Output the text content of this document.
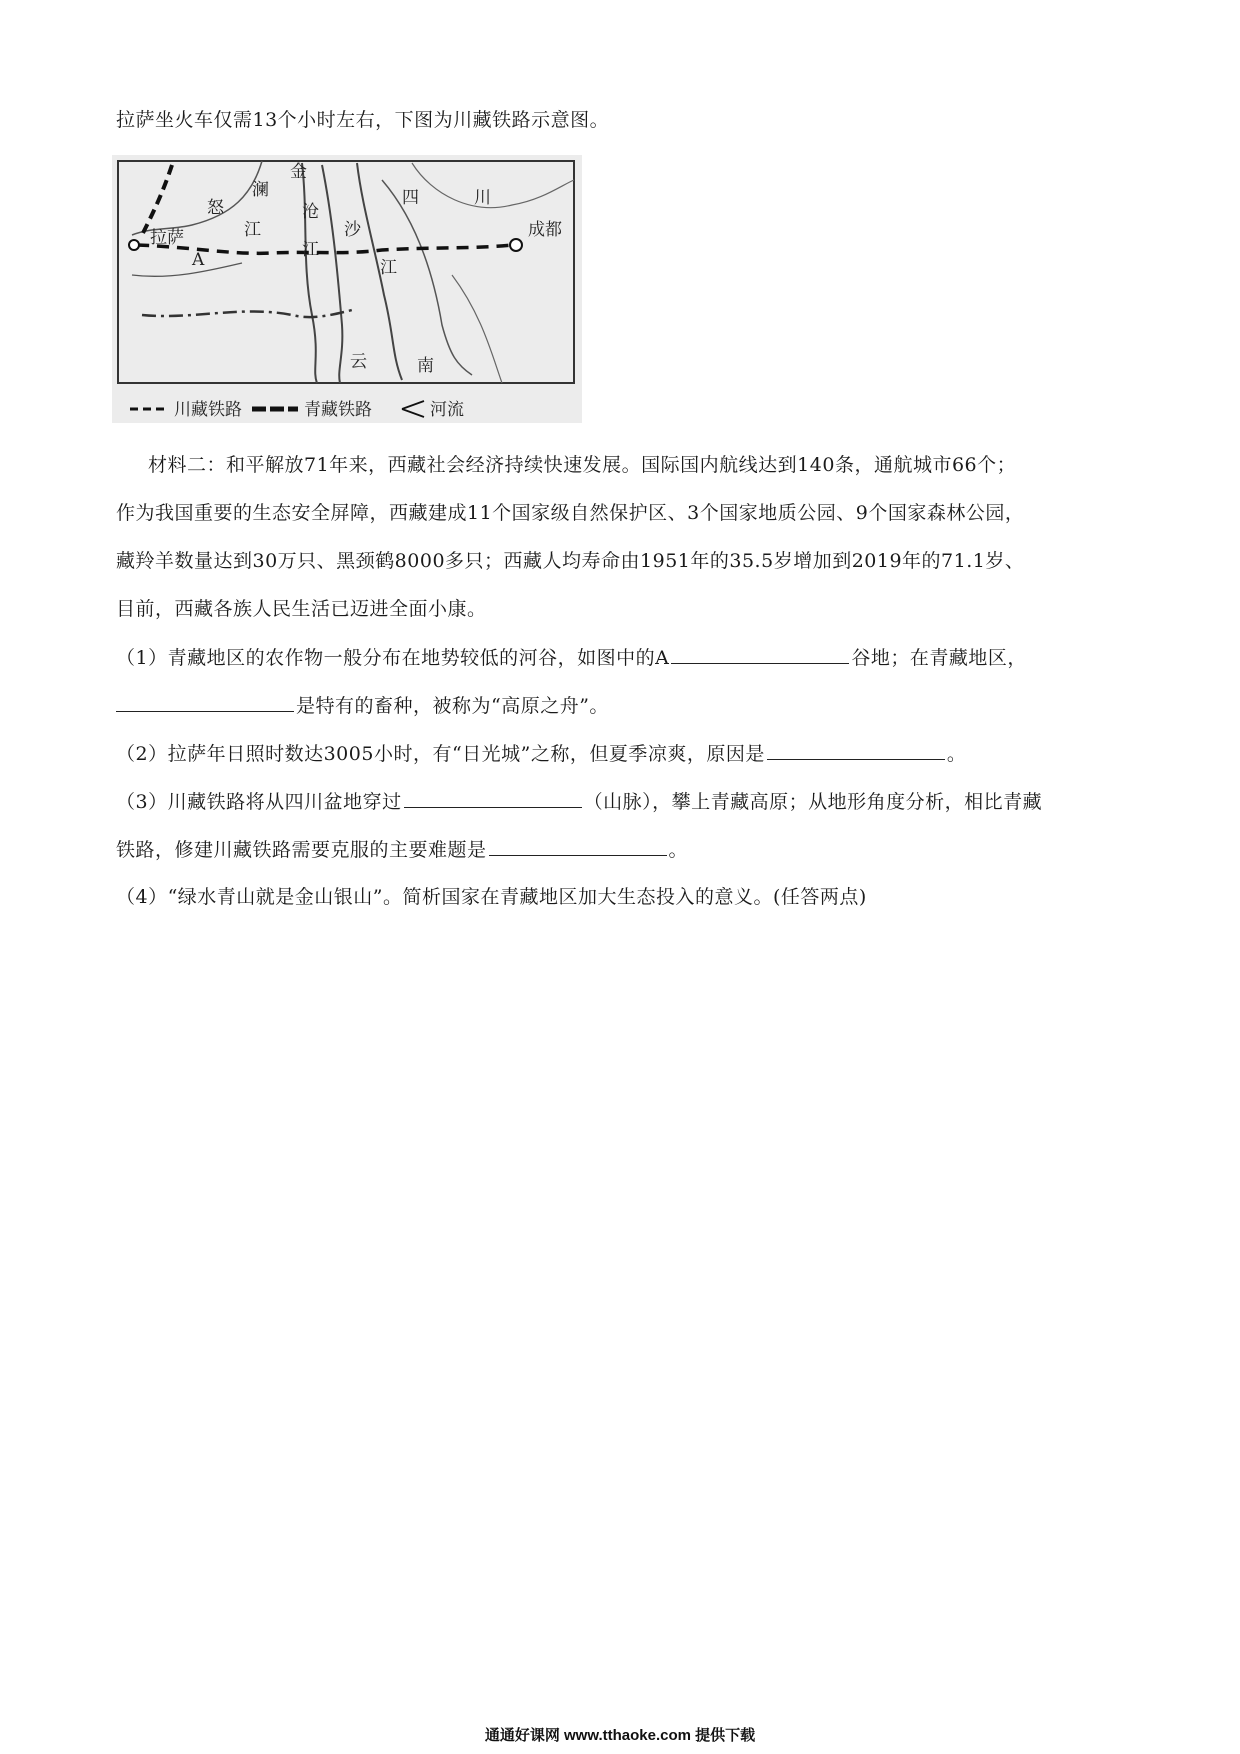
拉萨坐火车仅需13个小时左右，下图为川藏铁路示意图。
澜
金
怒
江
拉萨
A
沧
江
沙
江
四	川
成都
云	南
川藏铁路	青藏铁路	河流
材料二：和平解放71年来，西藏社会经济持续快速发展。国际国内航线达到140条，通航城市66个；
作为我国重要的生态安全屏障，西藏建成11个国家级自然保护区、3个国家地质公园、9个国家森林公园，
藏羚羊数量达到30万只、黑颈鹤8000多只；西藏人均寿命由1951年的35.5岁增加到2019年的71.1岁、
目前，西藏各族人民生活已迈进全面小康。
（1）青藏地区的农作物一般分布在地势较低的河谷，如图中的A	谷地；在青藏地区，
是特有的畜种，被称为“高原之舟”。
（2）拉萨年日照时数达3005小时，有“日光城”之称，但夏季凉爽，原因是	。
（3）川藏铁路将从四川盆地穿过	（山脉），攀上青藏高原；从地形角度分析，相比青藏
铁路，修建川藏铁路需要克服的主要难题是	。
（4）“绿水青山就是金山银山”。简析国家在青藏地区加大生态投入的意义。(任答两点)
通通好课网 www.tthaoke.com 提供下载
